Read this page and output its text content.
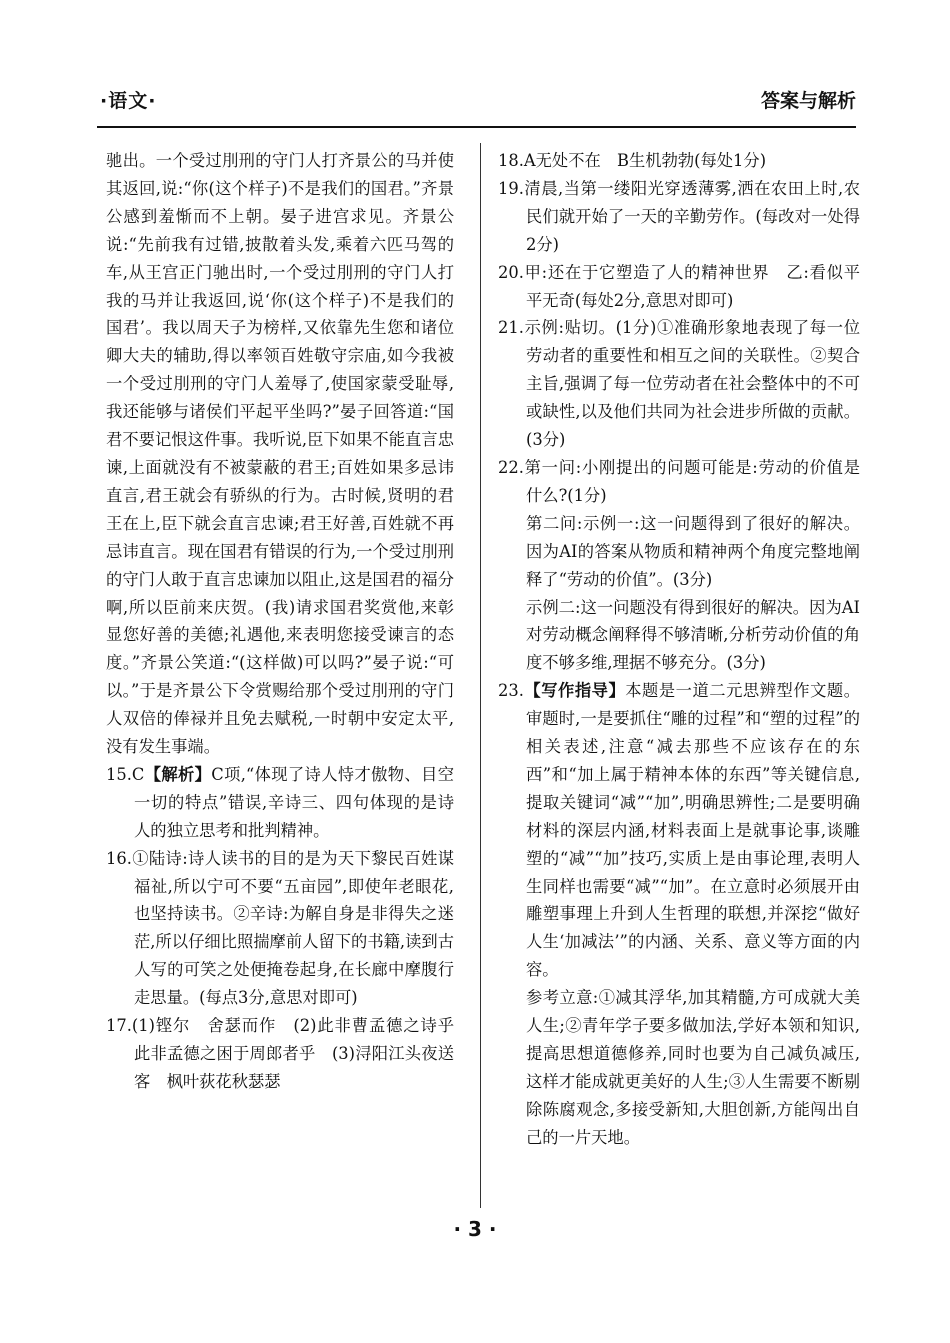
·语文·	答案与解析

驰出。一个受过刖刑的守门人打齐景公的马并使其返回,说:“你(这个样子)不是我们的国君。”齐景公感到羞惭而不上朝。晏子进宫求见。齐景公说:“先前我有过错,披散着头发,乘着六匹马驾的车,从王宫正门驰出时,一个受过刖刑的守门人打我的马并让我返回,说‘你(这个样子)不是我们的国君’。我以周天子为榜样,又依靠先生您和诸位卿大夫的辅助,得以率领百姓敬守宗庙,如今我被一个受过刖刑的守门人羞辱了,使国家蒙受耻辱,我还能够与诸侯们平起平坐吗?”晏子回答道:“国君不要记恨这件事。我听说,臣下如果不能直言忠谏,上面就没有不被蒙蔽的君王;百姓如果多忌讳直言,君王就会有骄纵的行为。古时候,贤明的君王在上,臣下就会直言忠谏;君王好善,百姓就不再忌讳直言。现在国君有错误的行为,一个受过刖刑的守门人敢于直言忠谏加以阻止,这是国君的福分啊,所以臣前来庆贺。(我)请求国君奖赏他,来彰显您好善的美德;礼遇他,来表明您接受谏言的态度。”齐景公笑道:“(这样做)可以吗?”晏子说:“可以。”于是齐景公下令赏赐给那个受过刖刑的守门人双倍的俸禄并且免去赋税,一时朝中安定太平,没有发生事端。

15.C【解析】C项,“体现了诗人恃才傲物、目空一切的特点”错误,辛诗三、四句体现的是诗人的独立思考和批判精神。

16.①陆诗:诗人读书的目的是为天下黎民百姓谋福祉,所以宁可不要“五亩园”,即使年老眼花,也坚持读书。②辛诗:为解自身是非得失之迷茫,所以仔细比照揣摩前人留下的书籍,读到古人写的可笑之处便掩卷起身,在长廊中摩腹行走思量。(每点3分,意思对即可)

17.(1)铿尔　舍瑟而作　(2)此非曹孟德之诗乎　此非孟德之困于周郎者乎　(3)浔阳江头夜送客　枫叶荻花秋瑟瑟

18.A无处不在　B生机勃勃(每处1分)

19.清晨,当第一缕阳光穿透薄雾,洒在农田上时,农民们就开始了一天的辛勤劳作。(每改对一处得2分)

20.甲:还在于它塑造了人的精神世界　乙:看似平平无奇(每处2分,意思对即可)

21.示例:贴切。(1分)①准确形象地表现了每一位劳动者的重要性和相互之间的关联性。②契合主旨,强调了每一位劳动者在社会整体中的不可或缺性,以及他们共同为社会进步所做的贡献。(3分)

22.第一问:小刚提出的问题可能是:劳动的价值是什么?(1分)

第二问:示例一:这一问题得到了很好的解决。因为AI的答案从物质和精神两个角度完整地阐释了“劳动的价值”。(3分)

示例二:这一问题没有得到很好的解决。因为AI对劳动概念阐释得不够清晰,分析劳动价值的角度不够多维,理据不够充分。(3分)

23.【写作指导】本题是一道二元思辨型作文题。审题时,一是要抓住“雕的过程”和“塑的过程”的相关表述,注意“减去那些不应该存在的东西”和“加上属于精神本体的东西”等关键信息,提取关键词“减”“加”,明确思辨性;二是要明确材料的深层内涵,材料表面上是就事论事,谈雕塑的“减”“加”技巧,实质上是由事论理,表明人生同样也需要“减”“加”。在立意时必须展开由雕塑事理上升到人生哲理的联想,并深挖“做好人生‘加减法’”的内涵、关系、意义等方面的内容。

参考立意:①减其浮华,加其精髓,方可成就大美人生;②青年学子要多做加法,学好本领和知识,提高思想道德修养,同时也要为自己减负减压,这样才能成就更美好的人生;③人生需要不断剔除陈腐观念,多接受新知,大胆创新,方能闯出自己的一片天地。

· 3 ·
